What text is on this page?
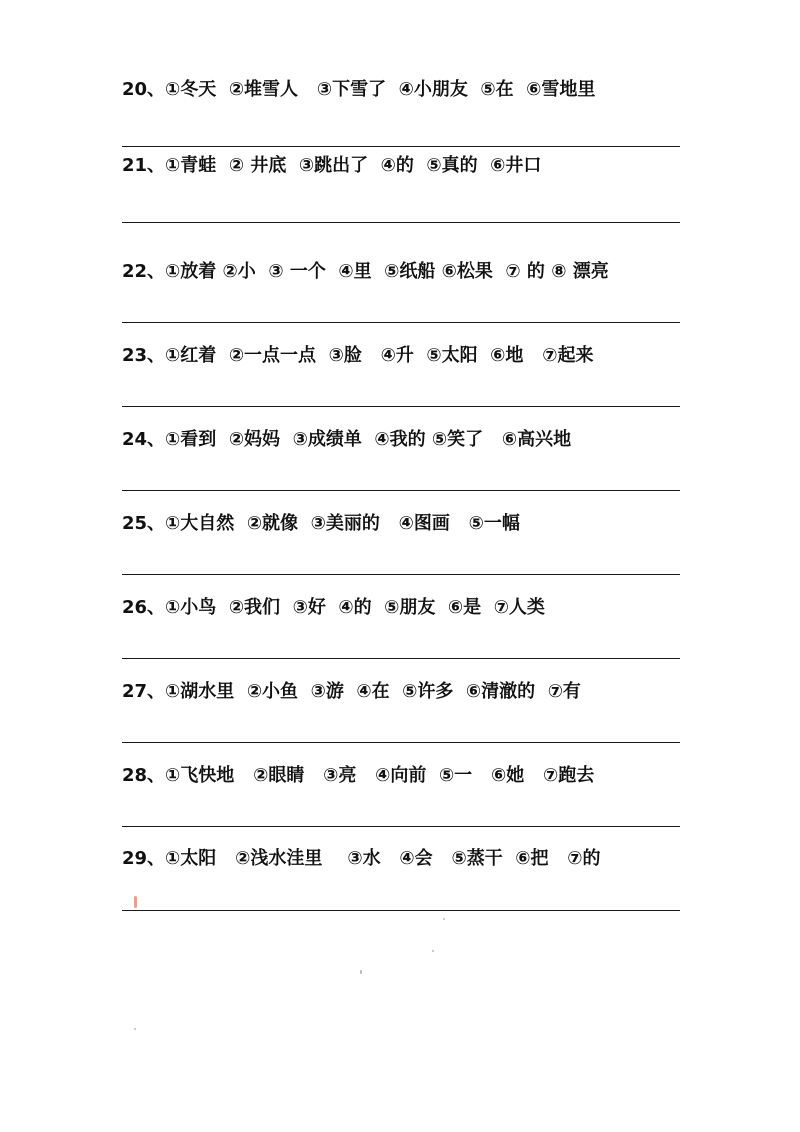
20、①冬天  ②堆雪人   ③下雪了  ④小朋友  ⑤在  ⑥雪地里

21、①青蛙  ② 井底  ③跳出了  ④的  ⑤真的  ⑥井口

22、①放着 ②小  ③ 一个  ④里  ⑤纸船 ⑥松果  ⑦ 的 ⑧ 漂亮

23、①红着  ②一点一点  ③脸   ④升  ⑤太阳  ⑥地   ⑦起来

24、①看到  ②妈妈  ③成绩单  ④我的 ⑤笑了   ⑥高兴地

25、①大自然  ②就像  ③美丽的   ④图画   ⑤一幅

26、①小鸟  ②我们  ③好  ④的  ⑤朋友  ⑥是  ⑦人类

27、①湖水里  ②小鱼  ③游  ④在  ⑤许多  ⑥清澈的  ⑦有

28、①飞快地   ②眼睛   ③亮   ④向前  ⑤一   ⑥她   ⑦跑去

29、①太阳   ②浅水洼里    ③水   ④会   ⑤蒸干  ⑥把   ⑦的
